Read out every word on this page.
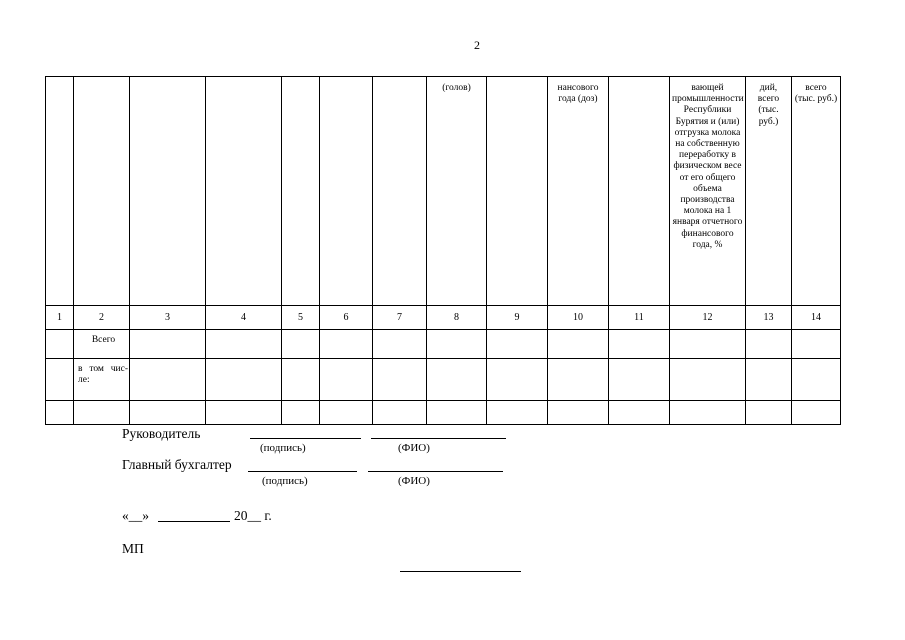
2

							(голов)		нансового года (доз)		вающей промышленности Республики Бурятия и (или) отгрузка молока на собственную переработку в физическом весе от его общего объема производства молока на 1 января отчетного финансового года, %	дий, всего (тыс. руб.)	всего (тыс. руб.)

1	2	3	4	5	6	7	8	9	10	11	12	13	14
	Всего												

	в том чис-
ле:												

Руководитель
(подпись)	(ФИО)
Главный бухгалтер
(подпись)	(ФИО)
«__»	20__ г.
МП
